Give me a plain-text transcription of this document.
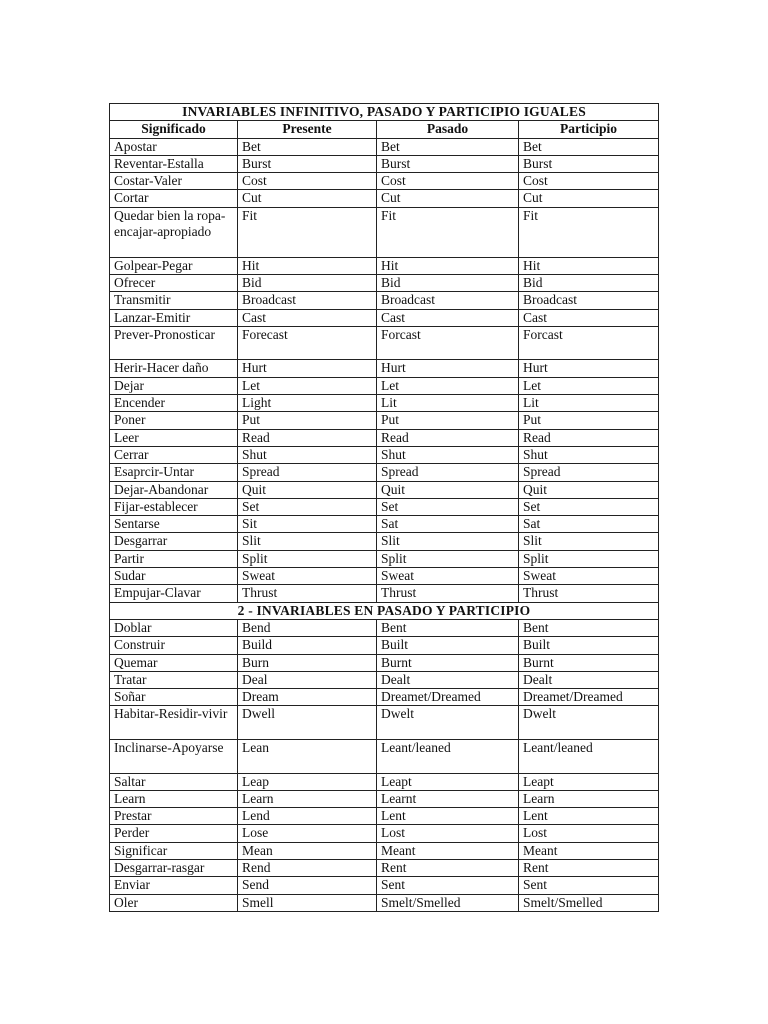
INVARIABLES INFINITIVO, PASADO Y PARTICIPIO IGUALES			
Significado	Presente	Pasado	Participio
Apostar	Bet	Bet	Bet
Reventar-Estalla	Burst	Burst	Burst
Costar-Valer	Cost	Cost	Cost
Cortar	Cut	Cut	Cut
Quedar bien la ropa-encajar-apropiado	Fit	Fit	Fit
Golpear-Pegar	Hit	Hit	Hit
Ofrecer	Bid	Bid	Bid
Transmitir	Broadcast	Broadcast	Broadcast
Lanzar-Emitir	Cast	Cast	Cast
Prever-Pronosticar	Forecast	Forcast	Forcast
Herir-Hacer daño	Hurt	Hurt	Hurt
Dejar	Let	Let	Let
Encender	Light	Lit	Lit
Poner	Put	Put	Put
Leer	Read	Read	Read
Cerrar	Shut	Shut	Shut
Esaprcir-Untar	Spread	Spread	Spread
Dejar-Abandonar	Quit	Quit	Quit
Fijar-establecer	Set	Set	Set
Sentarse	Sit	Sat	Sat
Desgarrar	Slit	Slit	Slit
Partir	Split	Split	Split
Sudar	Sweat	Sweat	Sweat
Empujar-Clavar	Thrust	Thrust	Thrust
2 - INVARIABLES EN PASADO Y PARTICIPIO			
Doblar	Bend	Bent	Bent
Construir	Build	Built	Built
Quemar	Burn	Burnt	Burnt
Tratar	Deal	Dealt	Dealt
Soñar	Dream	Dreamet/Dreamed	Dreamet/Dreamed
Habitar-Residir-vivir	Dwell	Dwelt	Dwelt
Inclinarse-Apoyarse	Lean	Leant/leaned	Leant/leaned
Saltar	Leap	Leapt	Leapt
Learn	Learn	Learnt	Learn
Prestar	Lend	Lent	Lent
Perder	Lose	Lost	Lost
Significar	Mean	Meant	Meant
Desgarrar-rasgar	Rend	Rent	Rent
Enviar	Send	Sent	Sent
Oler	Smell	Smelt/Smelled	Smelt/Smelled
